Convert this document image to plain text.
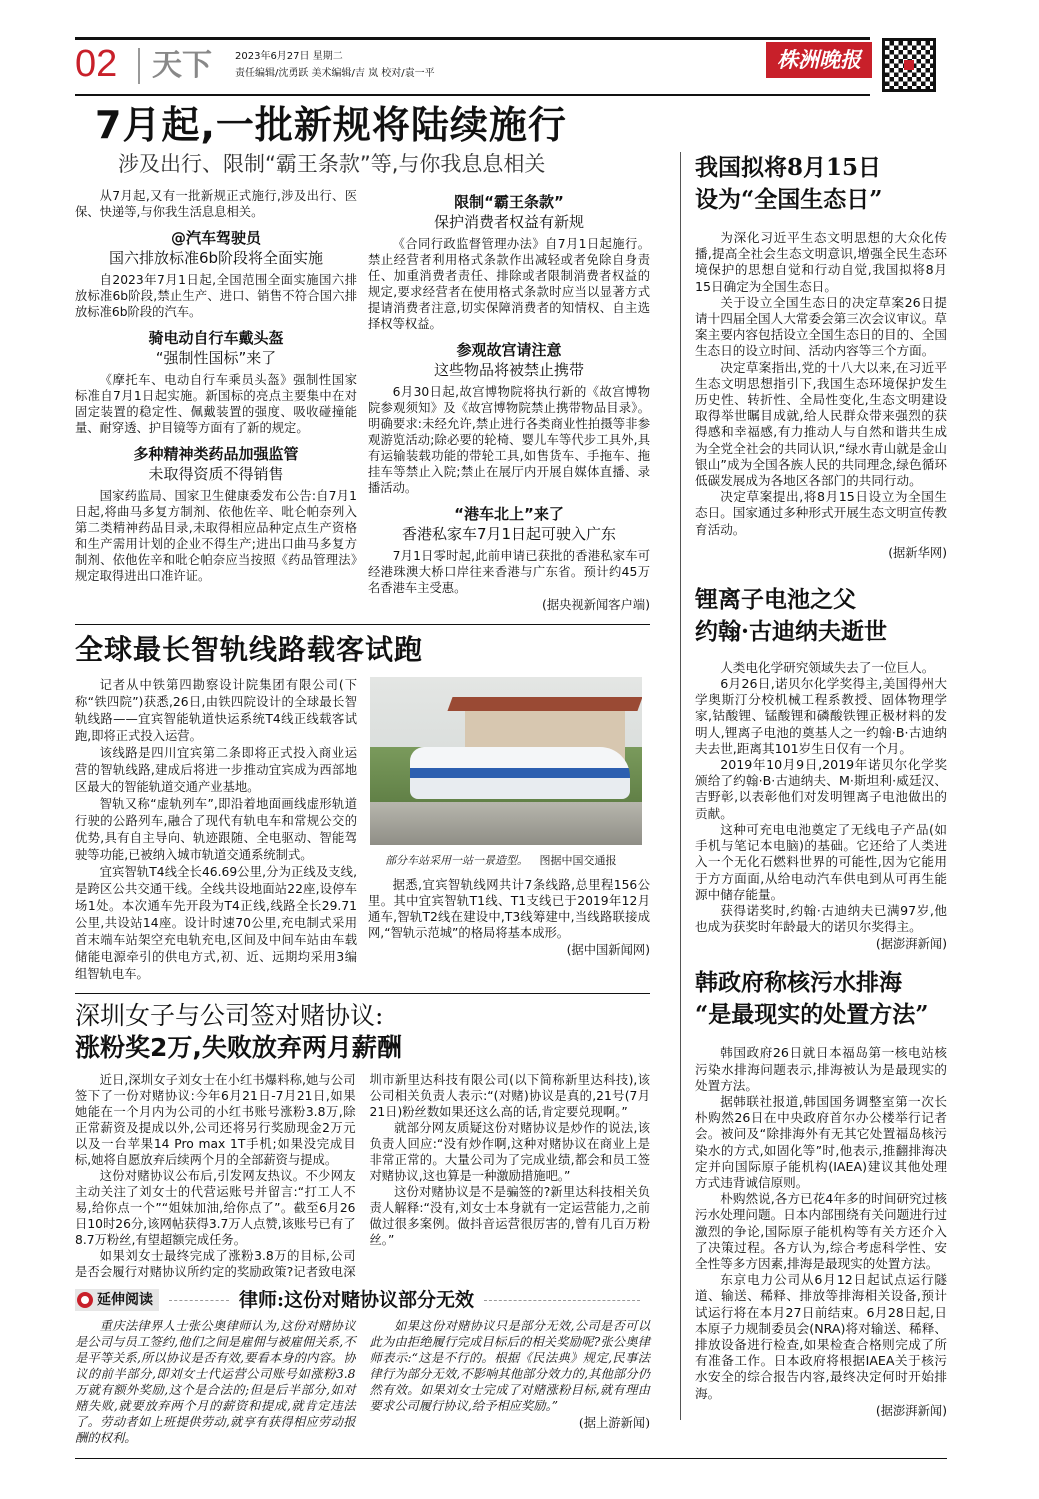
02 天下 2023年6月27日 星期二
责任编辑/沈勇跃 美术编辑/吉 岚 校对/袁一平
株洲晚报
7月起,一批新规将陆续施行
涉及出行、限制“霸王条款”等,与你我息息相关

从7月起,又有一批新规正式施行,涉及出行、医保、快递等,与你我生活息息相关。

@汽车驾驶员
国六排放标准6b阶段将全面实施

自2023年7月1日起,全国范围全面实施国六排放标准6b阶段,禁止生产、进口、销售不符合国六排放标准6b阶段的汽车。

骑电动自行车戴头盔
“强制性国标”来了

《摩托车、电动自行车乘员头盔》强制性国家标准自7月1日起实施。新国标的亮点主要集中在对固定装置的稳定性、佩戴装置的强度、吸收碰撞能量、耐穿透、护目镜等方面有了新的规定。

多种精神类药品加强监管
未取得资质不得销售

国家药监局、国家卫生健康委发布公告:自7月1日起,将曲马多复方制剂、依他佐辛、吡仑帕奈列入第二类精神药品目录,未取得相应品种定点生产资格和生产需用计划的企业不得生产;进出口曲马多复方制剂、依他佐辛和吡仑帕奈应当按照《药品管理法》规定取得进出口准许证。

限制“霸王条款”
保护消费者权益有新规

《合同行政监督管理办法》自7月1日起施行。禁止经营者利用格式条款作出减轻或者免除自身责任、加重消费者责任、排除或者限制消费者权益的规定,要求经营者在使用格式条款时应当以显著方式提请消费者注意,切实保障消费者的知情权、自主选择权等权益。

参观故宫请注意
这些物品将被禁止携带

6月30日起,故宫博物院将执行新的《故宫博物院参观须知》及《故宫博物院禁止携带物品目录》。明确要求:未经允许,禁止进行各类商业性拍摄等非参观游览活动;除必要的轮椅、婴儿车等代步工具外,具有运输装载功能的带轮工具,如售货车、手拖车、拖挂车等禁止入院;禁止在展厅内开展自媒体直播、录播活动。

“港车北上”来了
香港私家车7月1日起可驶入广东

7月1日零时起,此前申请已获批的香港私家车可经港珠澳大桥口岸往来香港与广东省。预计约45万名香港车主受惠。

(据央视新闻客户端)
全球最长智轨线路载客试跑

记者从中铁第四勘察设计院集团有限公司(下称“铁四院”)获悉,26日,由铁四院设计的全球最长智轨线路——宜宾智能轨道快运系统T4线正线载客试跑,即将正式投入运营。

该线路是四川宜宾第二条即将正式投入商业运营的智轨线路,建成后将进一步推动宜宾成为西部地区最大的智能轨道交通产业基地。

智轨又称“虚轨列车”,即沿着地面画线虚形轨道行驶的公路列车,融合了现代有轨电车和常规公交的优势,具有自主导向、轨迹跟随、全电驱动、智能驾驶等功能,已被纳入城市轨道交通系统制式。

宜宾智轨T4线全长46.69公里,分为正线及支线,是跨区公共交通干线。全线共设地面站22座,设停车场1处。本次通车先开段为T4正线,线路全长29.71公里,共设站14座。设计时速70公里,充电制式采用首末端车站架空充电轨充电,区间及中间车站由车载储能电源牵引的供电方式,初、近、远期均采用3编组智轨电车。

部分车站采用一站一景造型。 图据中国交通报

据悉,宜宾智轨线网共计7条线路,总里程156公里。其中宜宾智轨T1线、T1支线已于2019年12月通车,智轨T2线在建设中,T3线筹建中,当线路联接成网,“智轨示范城”的格局将基本成形。

(据中国新闻网)
深圳女子与公司签对赌协议:
涨粉奖2万,失败放弃两月薪酬

近日,深圳女子刘女士在小红书爆料称,她与公司签下了一份对赌协议:今年6月21日-7月21日,如果她能在一个月内为公司的小红书账号涨粉3.8万,除正常薪资及提成以外,公司还将另行奖励现金2万元以及一台苹果14 Pro max 1T手机;如果没完成目标,她将自愿放弃后续两个月的全部薪资与提成。

这份对赌协议公布后,引发网友热议。不少网友主动关注了刘女士的代营运账号并留言:“打工人不易,给你点一个”“姐妹加油,给你点了”。截至6月26日10时26分,该网帖获得3.7万人点赞,该账号已有了8.7万粉丝,有望超额完成任务。

如果刘女士最终完成了涨粉3.8万的目标,公司是否会履行对赌协议所约定的奖励政策?记者致电深圳市新里达科技有限公司(以下简称新里达科技),该公司相关负责人表示:“(对赌)协议是真的,21号(7月21日)粉丝数如果还这么高的话,肯定要兑现啊。”

就部分网友质疑这份对赌协议是炒作的说法,该负责人回应:“没有炒作啊,这种对赌协议在商业上是非常正常的。大量公司为了完成业绩,都会和员工签对赌协议,这也算是一种激励措施吧。”

这份对赌协议是不是骗签的?新里达科技相关负责人解释:“没有,刘女士本身就有一定运营能力,之前做过很多案例。做抖音运营很厉害的,曾有几百万粉丝。”

延伸阅读	律师:这份对赌协议部分无效

重庆法律界人士张公奥律师认为,这份对赌协议是公司与员工签约,他们之间是雇佣与被雇佣关系,不是平等关系,所以协议是否有效,要看本身的内容。协议的前半部分,即刘女士代运营公司账号如涨粉3.8万就有额外奖励,这个是合法的;但是后半部分,如对赌失败,就要放弃两个月的薪资和提成,就肯定违法了。劳动者如上班提供劳动,就享有获得相应劳动报酬的权利。

如果这份对赌协议只是部分无效,公司是否可以此为由拒绝履行完成目标后的相关奖励呢?张公奥律师表示:“这是不行的。根据《民法典》规定,民事法律行为部分无效,不影响其他部分效力的,其他部分仍然有效。如果刘女士完成了对赌涨粉目标,就有理由要求公司履行协议,给予相应奖励。”

(据上游新闻)
我国拟将8月15日
设为“全国生态日”

为深化习近平生态文明思想的大众化传播,提高全社会生态文明意识,增强全民生态环境保护的思想自觉和行动自觉,我国拟将8月15日确定为全国生态日。

关于设立全国生态日的决定草案26日提请十四届全国人大常委会第三次会议审议。草案主要内容包括设立全国生态日的目的、全国生态日的设立时间、活动内容等三个方面。

决定草案指出,党的十八大以来,在习近平生态文明思想指引下,我国生态环境保护发生历史性、转折性、全局性变化,生态文明建设取得举世瞩目成就,给人民群众带来强烈的获得感和幸福感,有力推动人与自然和谐共生成为全党全社会的共同认识,“绿水青山就是金山银山”成为全国各族人民的共同理念,绿色循环低碳发展成为各地区各部门的共同行动。

决定草案提出,将8月15日设立为全国生态日。国家通过多种形式开展生态文明宣传教育活动。

(据新华网)
锂离子电池之父
约翰·古迪纳夫逝世

人类电化学研究领域失去了一位巨人。

6月26日,诺贝尔化学奖得主,美国得州大学奥斯汀分校机械工程系教授、固体物理学家,钴酸锂、锰酸锂和磷酸铁锂正极材料的发明人,锂离子电池的奠基人之一约翰·B·古迪纳夫去世,距离其101岁生日仅有一个月。

2019年10月9日,2019年诺贝尔化学奖颁给了约翰·B·古迪纳夫、M·斯坦利·威廷汉、吉野彰,以表彰他们对发明锂离子电池做出的贡献。

这种可充电电池奠定了无线电子产品(如手机与笔记本电脑)的基础。它还给了人类进入一个无化石燃料世界的可能性,因为它能用于方方面面,从给电动汽车供电到从可再生能源中储存能量。

获得诺奖时,约翰·古迪纳夫已满97岁,他也成为获奖时年龄最大的诺贝尔奖得主。

(据澎湃新闻)
韩政府称核污水排海
“是最现实的处置方法”

韩国政府26日就日本福岛第一核电站核污染水排海问题表示,排海被认为是最现实的处置方法。

据韩联社报道,韩国国务调整室第一次长朴购然26日在中央政府首尔办公楼举行记者会。被问及“除排海外有无其它处置福岛核污染水的方式,如固化等”时,他表示,推翻排海决定并向国际原子能机构(IAEA)建议其他处理方式违背诚信原则。

朴购然说,各方已花4年多的时间研究过核污水处理问题。日本内部围绕有关问题进行过激烈的争论,国际原子能机构等有关方还介入了决策过程。各方认为,综合考虑科学性、安全性等多方因素,排海是最现实的处置方法。

东京电力公司从6月12日起试点运行隧道、输送、稀释、排放等排海相关设备,预计试运行将在本月27日前结束。6月28日起,日本原子力规制委员会(NRA)将对输送、稀释、排放设备进行检查,如果检查合格则完成了所有准备工作。日本政府将根据IAEA关于核污水安全的综合报告内容,最终决定何时开始排海。

(据澎湃新闻)
